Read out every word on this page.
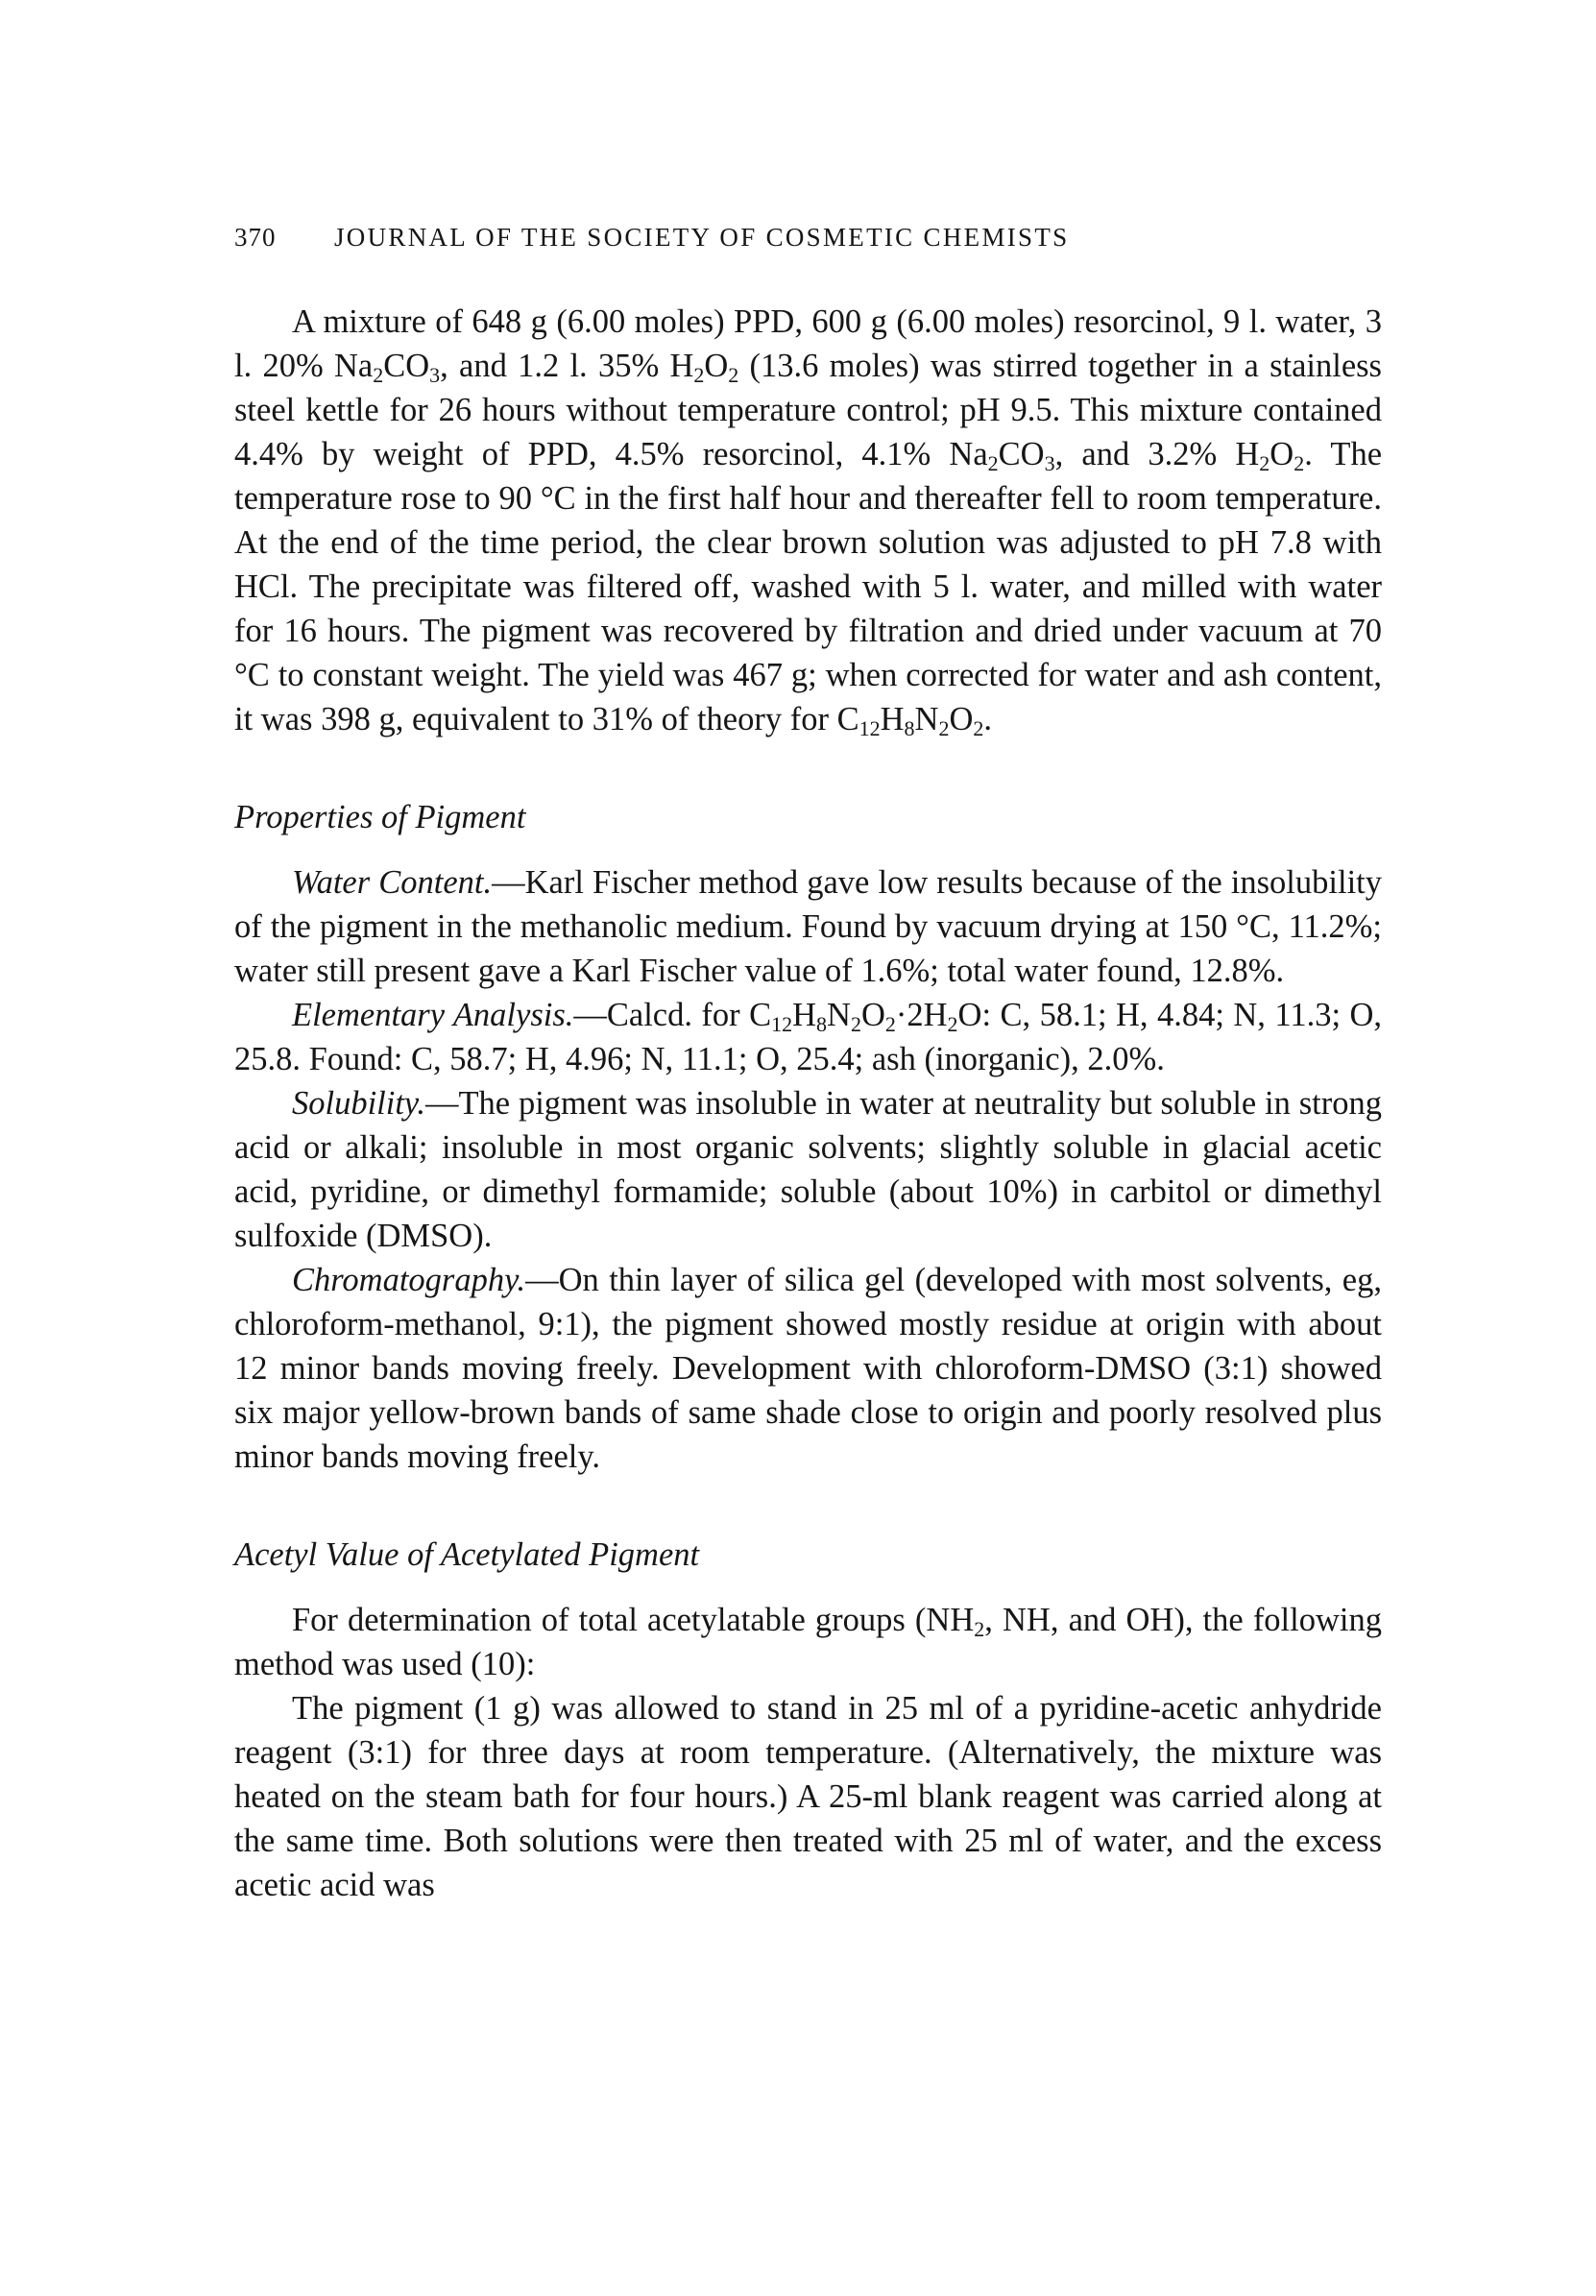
370 JOURNAL OF THE SOCIETY OF COSMETIC CHEMISTS

A mixture of 648 g (6.00 moles) PPD, 600 g (6.00 moles) resorcinol, 9 l. water, 3 l. 20% $Na_2CO_3$, and 1.2 l. 35% $H_2O_2$ (13.6 moles) was stirred together in a stainless steel kettle for 26 hours without temperature control; pH 9.5. This mixture contained 4.4% by weight of PPD, 4.5% resorcinol, 4.1% $Na_2CO_3$, and 3.2% $H_2O_2$. The temperature rose to 90 °C in the first half hour and thereafter fell to room temperature. At the end of the time period, the clear brown solution was adjusted to pH 7.8 with HCl. The precipitate was filtered off, washed with 5 l. water, and milled with water for 16 hours. The pigment was recovered by filtration and dried under vacuum at 70 °C to constant weight. The yield was 467 g; when corrected for water and ash content, it was 398 g, equivalent to 31% of theory for $C_{12}H_8N_2O_2$.

Properties of Pigment

Water Content.—Karl Fischer method gave low results because of the insolubility of the pigment in the methanolic medium. Found by vacuum drying at 150 °C, 11.2%; water still present gave a Karl Fischer value of 1.6%; total water found, 12.8%.

Elementary Analysis.—Calcd. for $C_{12}H_8N_2O_2\cdot 2H_2O$: C, 58.1; H, 4.84; N, 11.3; O, 25.8. Found: C, 58.7; H, 4.96; N, 11.1; O, 25.4; ash (inorganic), 2.0%.

Solubility.—The pigment was insoluble in water at neutrality but soluble in strong acid or alkali; insoluble in most organic solvents; slightly soluble in glacial acetic acid, pyridine, or dimethyl formamide; soluble (about 10%) in carbitol or dimethyl sulfoxide (DMSO).

Chromatography.—On thin layer of silica gel (developed with most solvents, eg, chloroform-methanol, 9:1), the pigment showed mostly residue at origin with about 12 minor bands moving freely. Development with chloroform-DMSO (3:1) showed six major yellow-brown bands of same shade close to origin and poorly resolved plus minor bands moving freely.

Acetyl Value of Acetylated Pigment

For determination of total acetylatable groups ($NH_2$, NH, and OH), the following method was used (10):

The pigment (1 g) was allowed to stand in 25 ml of a pyridine-acetic anhydride reagent (3:1) for three days at room temperature. (Alternatively, the mixture was heated on the steam bath for four hours.) A 25-ml blank reagent was carried along at the same time. Both solutions were then treated with 25 ml of water, and the excess acetic acid was
